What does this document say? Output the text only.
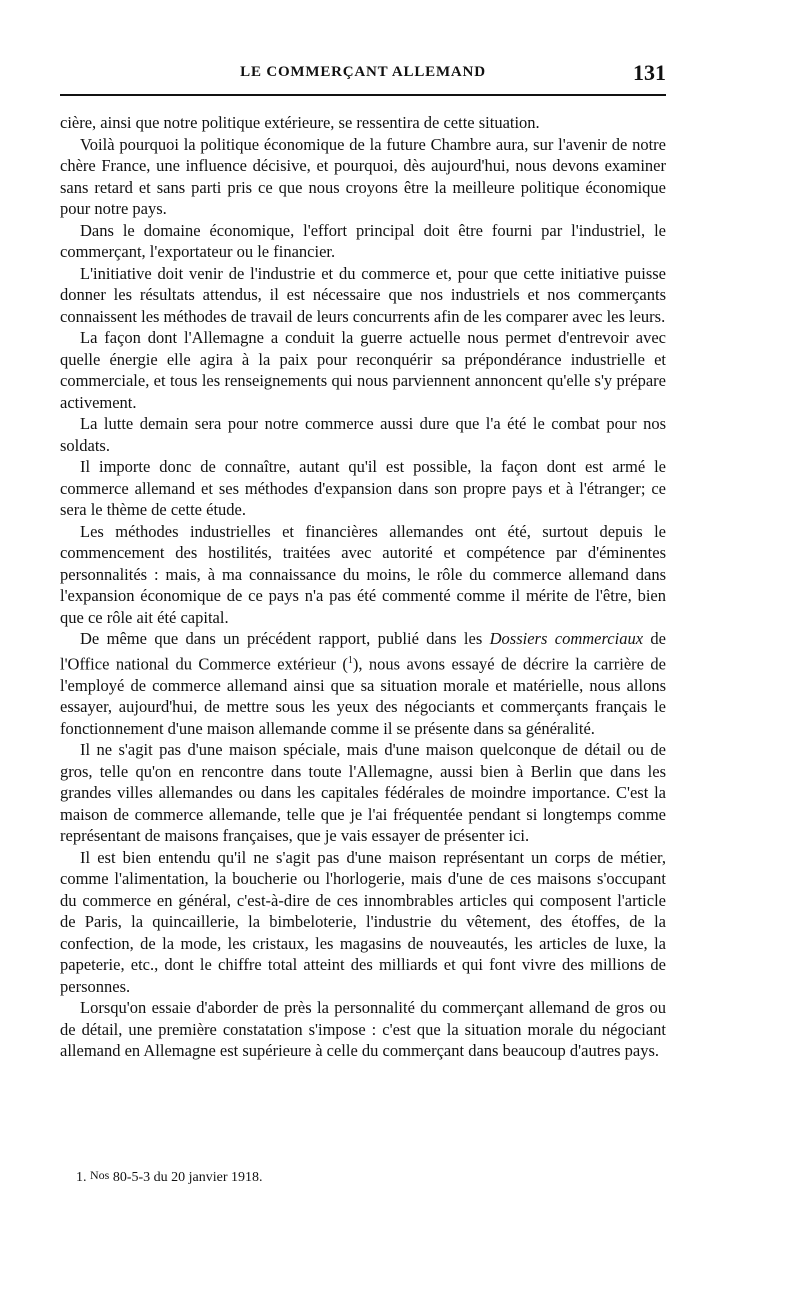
LE COMMERÇANT ALLEMAND	131

cière, ainsi que notre politique extérieure, se ressentira de cette situation.

Voilà pourquoi la politique économique de la future Chambre aura, sur l'avenir de notre chère France, une influence décisive, et pourquoi, dès aujourd'hui, nous devons examiner sans retard et sans parti pris ce que nous croyons être la meilleure politique économique pour notre pays.

Dans le domaine économique, l'effort principal doit être fourni par l'industriel, le commerçant, l'exportateur ou le financier.

L'initiative doit venir de l'industrie et du commerce et, pour que cette initiative puisse donner les résultats attendus, il est nécessaire que nos industriels et nos commerçants connaissent les méthodes de travail de leurs concurrents afin de les comparer avec les leurs.

La façon dont l'Allemagne a conduit la guerre actuelle nous permet d'entrevoir avec quelle énergie elle agira à la paix pour reconquérir sa prépondérance industrielle et commerciale, et tous les renseignements qui nous parviennent annoncent qu'elle s'y prépare activement.

La lutte demain sera pour notre commerce aussi dure que l'a été le combat pour nos soldats.

Il importe donc de connaître, autant qu'il est possible, la façon dont est armé le commerce allemand et ses méthodes d'expansion dans son propre pays et à l'étranger; ce sera le thème de cette étude.

Les méthodes industrielles et financières allemandes ont été, surtout depuis le commencement des hostilités, traitées avec autorité et compétence par d'éminentes personnalités : mais, à ma connaissance du moins, le rôle du commerce allemand dans l'expansion économique de ce pays n'a pas été commenté comme il mérite de l'être, bien que ce rôle ait été capital.

De même que dans un précédent rapport, publié dans les Dossiers commerciaux de l'Office national du Commerce extérieur ($^1$), nous avons essayé de décrire la carrière de l'employé de commerce allemand ainsi que sa situation morale et matérielle, nous allons essayer, aujourd'hui, de mettre sous les yeux des négociants et commerçants français le fonctionnement d'une maison allemande comme il se présente dans sa généralité.

Il ne s'agit pas d'une maison spéciale, mais d'une maison quelconque de détail ou de gros, telle qu'on en rencontre dans toute l'Allemagne, aussi bien à Berlin que dans les grandes villes allemandes ou dans les capitales fédérales de moindre importance. C'est la maison de commerce allemande, telle que je l'ai fréquentée pendant si longtemps comme représentant de maisons françaises, que je vais essayer de présenter ici.

Il est bien entendu qu'il ne s'agit pas d'une maison représentant un corps de métier, comme l'alimentation, la boucherie ou l'horlogerie, mais d'une de ces maisons s'occupant du commerce en général, c'est-à-dire de ces innombrables articles qui composent l'article de Paris, la quincaillerie, la bimbeloterie, l'industrie du vêtement, des étoffes, de la confection, de la mode, les cristaux, les magasins de nouveautés, les articles de luxe, la papeterie, etc., dont le chiffre total atteint des milliards et qui font vivre des millions de personnes.

Lorsqu'on essaie d'aborder de près la personnalité du commerçant allemand de gros ou de détail, une première constatation s'impose : c'est que la situation morale du négociant allemand en Allemagne est supérieure à celle du commerçant dans beaucoup d'autres pays.

1. Nos 80-5-3 du 20 janvier 1918.
